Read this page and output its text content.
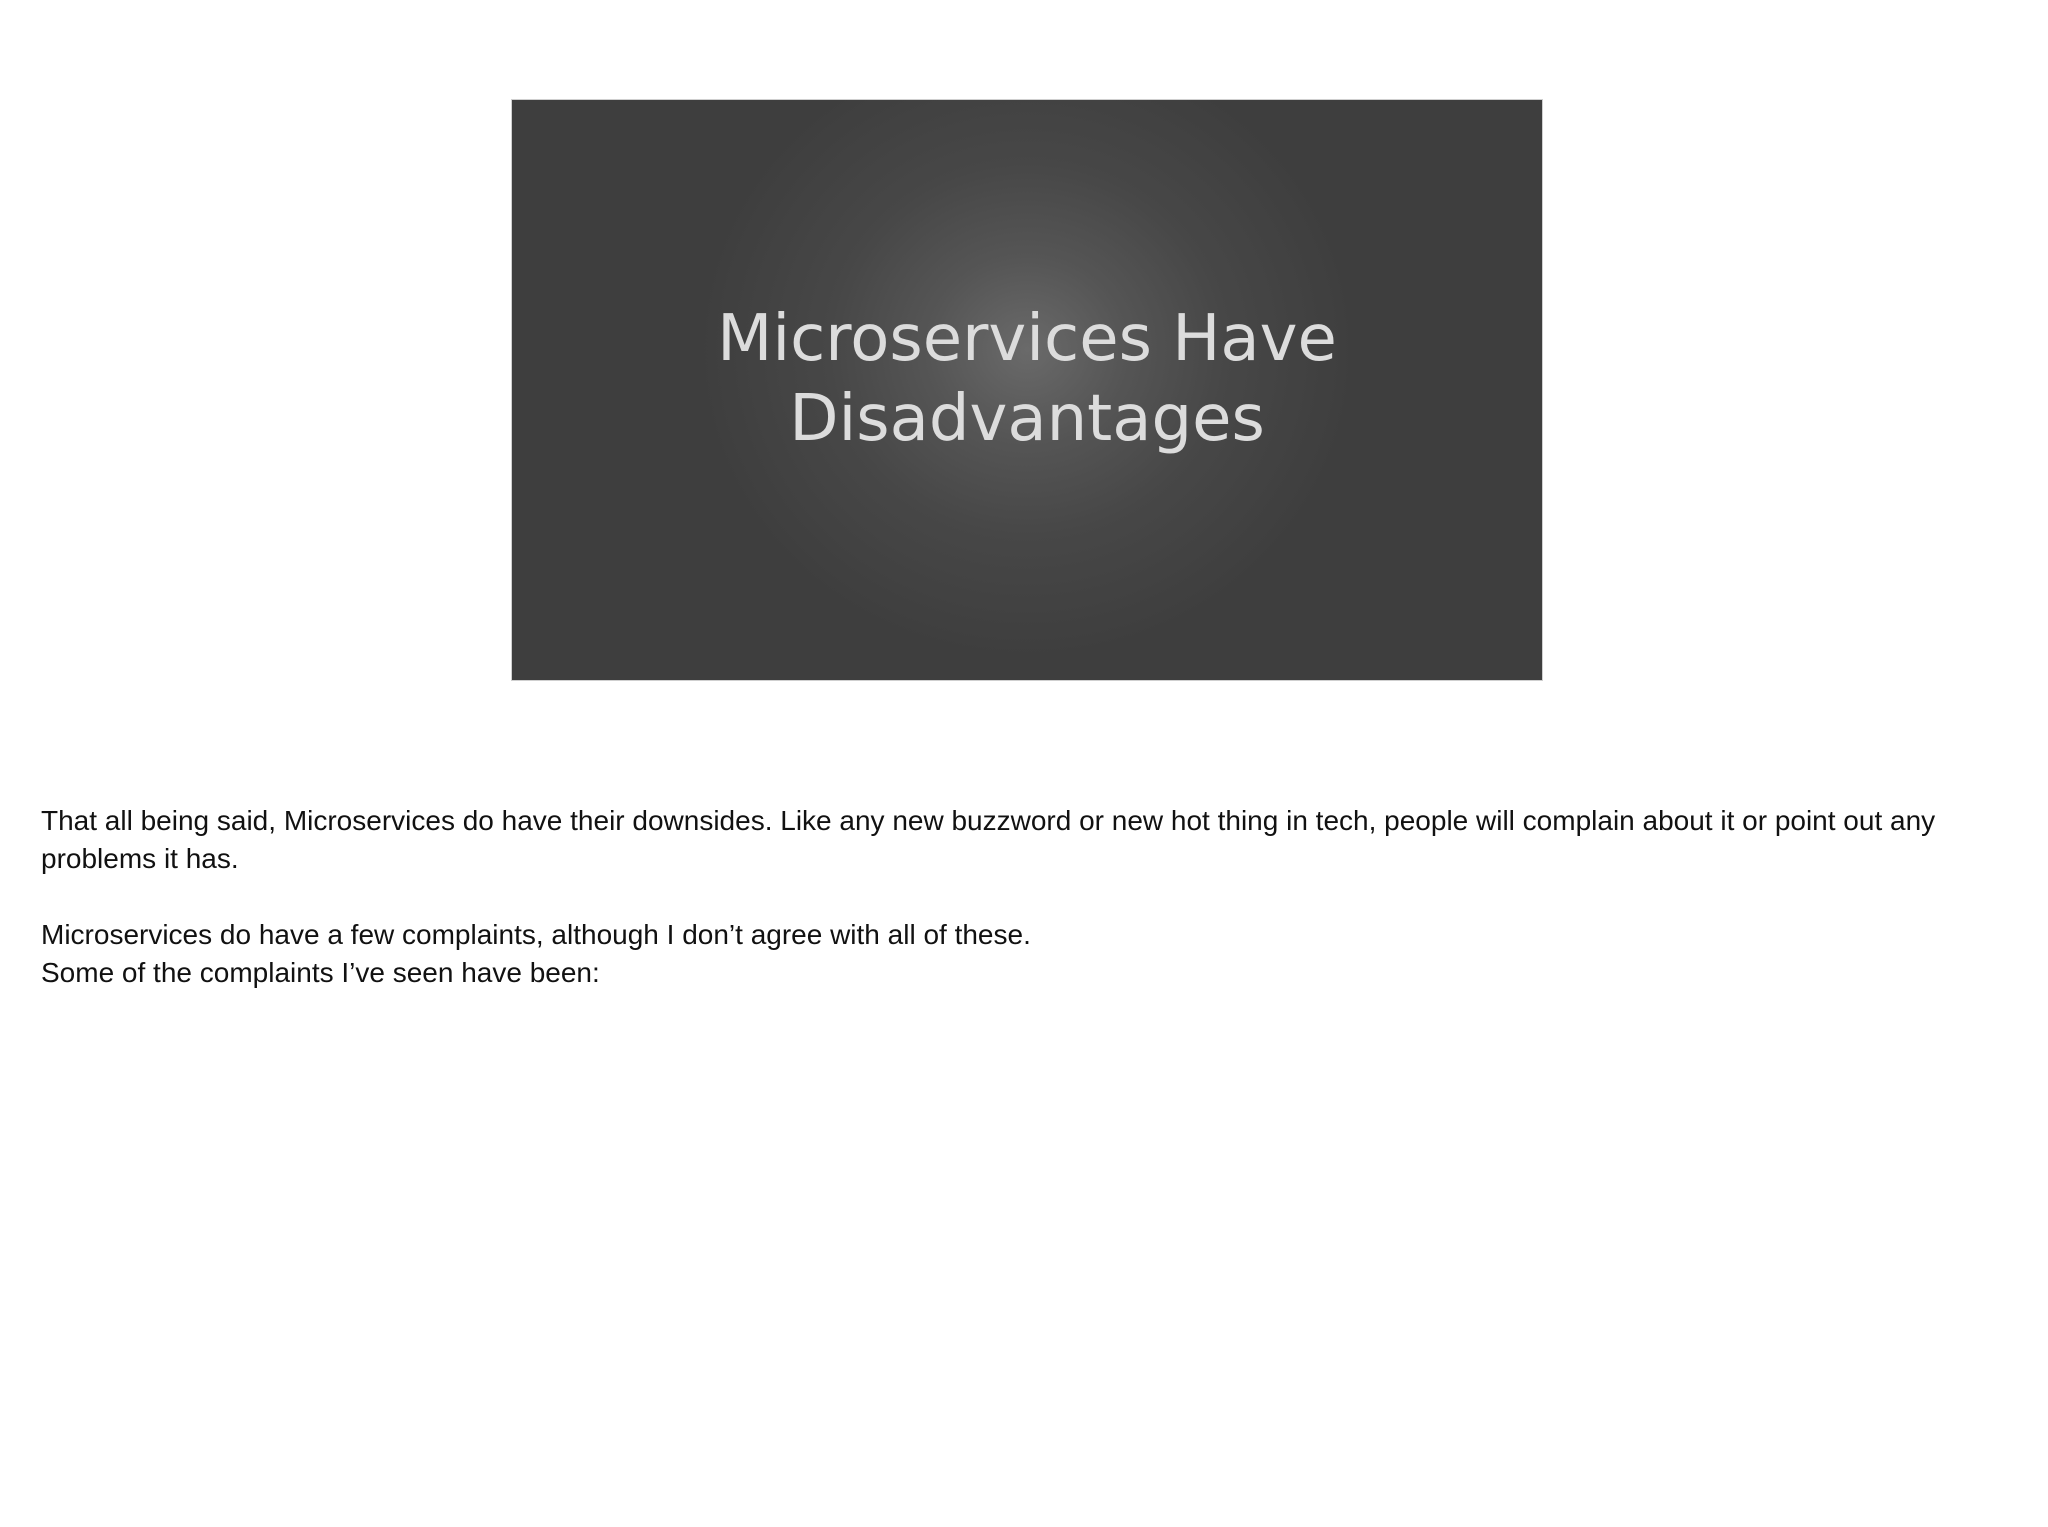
Microservices Have
Disadvantages

That all being said, Microservices do have their downsides. Like any new buzzword or new hot thing in tech, people will complain about it or point out any problems it has.

Microservices do have a few complaints, although I don’t agree with all of these.
Some of the complaints I’ve seen have been:
